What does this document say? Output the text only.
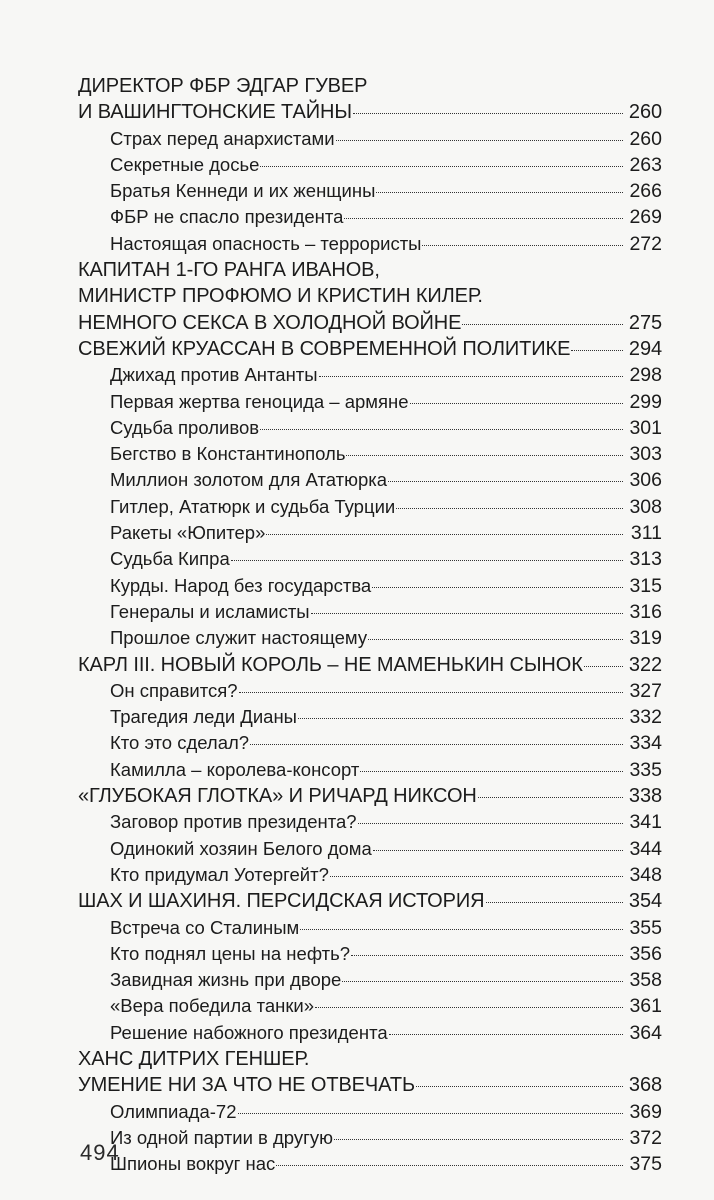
ДИРЕКТОР ФБР ЭДГАР ГУВЕР
И ВАШИНГТОНСКИЕ ТАЙНЫ	260
Страх перед анархистами	260
Секретные досье	263
Братья Кеннеди и их женщины	266
ФБР не спасло президента	269
Настоящая опасность – террористы	272
КАПИТАН 1-ГО РАНГА ИВАНОВ,
МИНИСТР ПРОФЮМО И КРИСТИН КИЛЕР.
НЕМНОГО СЕКСА В ХОЛОДНОЙ ВОЙНЕ	275
СВЕЖИЙ КРУАССАН В СОВРЕМЕННОЙ ПОЛИТИКЕ	294
Джихад против Антанты	298
Первая жертва геноцида – армяне	299
Судьба проливов	301
Бегство в Константинополь	303
Миллион золотом для Ататюрка	306
Гитлер, Ататюрк и судьба Турции	308
Ракеты «Юпитер»	311
Судьба Кипра	313
Курды. Народ без государства	315
Генералы и исламисты	316
Прошлое служит настоящему	319
КАРЛ III. НОВЫЙ КОРОЛЬ – НЕ МАМЕНЬКИН СЫНОК 322
Он справится?	327
Трагедия леди Дианы	332
Кто это сделал?	334
Камилла – королева-консорт	335
«ГЛУБОКАЯ ГЛОТКА» И РИЧАРД НИКСОН	338
Заговор против президента?	341
Одинокий хозяин Белого дома	344
Кто придумал Уотергейт?	348
ШАХ И ШАХИНЯ. ПЕРСИДСКАЯ ИСТОРИЯ	354
Встреча со Сталиным	355
Кто поднял цены на нефть?	356
Завидная жизнь при дворе	358
«Вера победила танки»	361
Решение набожного президента	364
ХАНС ДИТРИХ ГЕНШЕР.
УМЕНИЕ НИ ЗА ЧТО НЕ ОТВЕЧАТЬ	368
Олимпиада-72	369
Из одной партии в другую	372
Шпионы вокруг нас	375
494
